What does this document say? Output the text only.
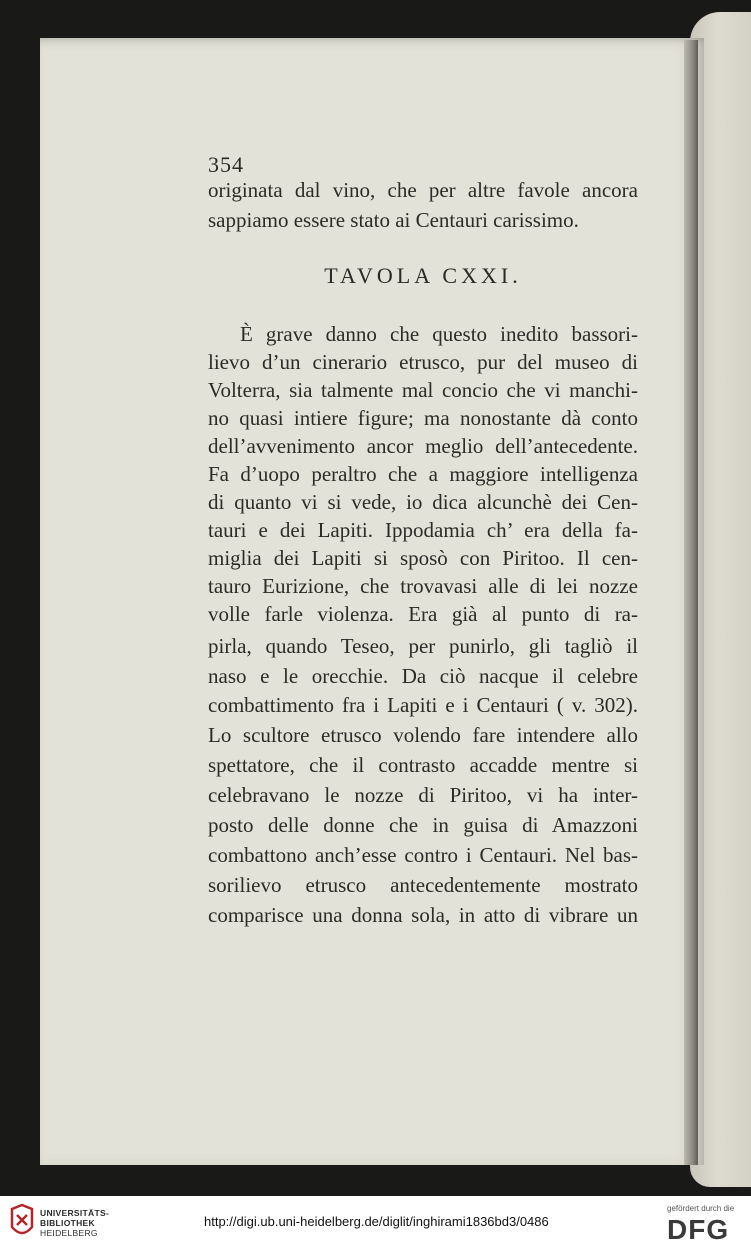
354
originata dal vino, che per altre favole ancora
sappiamo essere stato ai Centauri carissimo.
TAVOLA CXXI.
È grave danno che questo inedito bassori-
lievo d’un cinerario etrusco, pur del museo di
Volterra, sia talmente mal concio che vi manchi-
no quasi intiere figure; ma nonostante dà conto
dell’avvenimento ancor meglio dell’antecedente.
Fa d’uopo peraltro che a maggiore intelligenza
di quanto vi si vede, io dica alcunchè dei Cen-
tauri e dei Lapiti. Ippodamia ch’ era della fa-
miglia dei Lapiti si sposò con Piritoo. Il cen-
tauro Eurizione, che trovavasi alle di lei nozze
volle farle violenza. Era già al punto di ra-
pirla, quando Teseo, per punirlo, gli tagliò il
naso e le orecchie. Da ciò nacque il celebre
combattimento fra i Lapiti e i Centauri ( v. 302).
Lo scultore etrusco volendo fare intendere allo
spettatore, che il contrasto accadde mentre si
celebravano le nozze di Piritoo, vi ha inter-
posto delle donne che in guisa di Amazzoni
combattono anch’esse contro i Centauri. Nel bas-
sorilievo etrusco antecedentemente mostrato
comparisce una donna sola, in atto di vibrare un
UNIVERSITÄTS-
BIBLIOTHEK
HEIDELBERG
http://digi.ub.uni-heidelberg.de/diglit/inghirami1836bd3/0486
gefördert durch die
DFG
